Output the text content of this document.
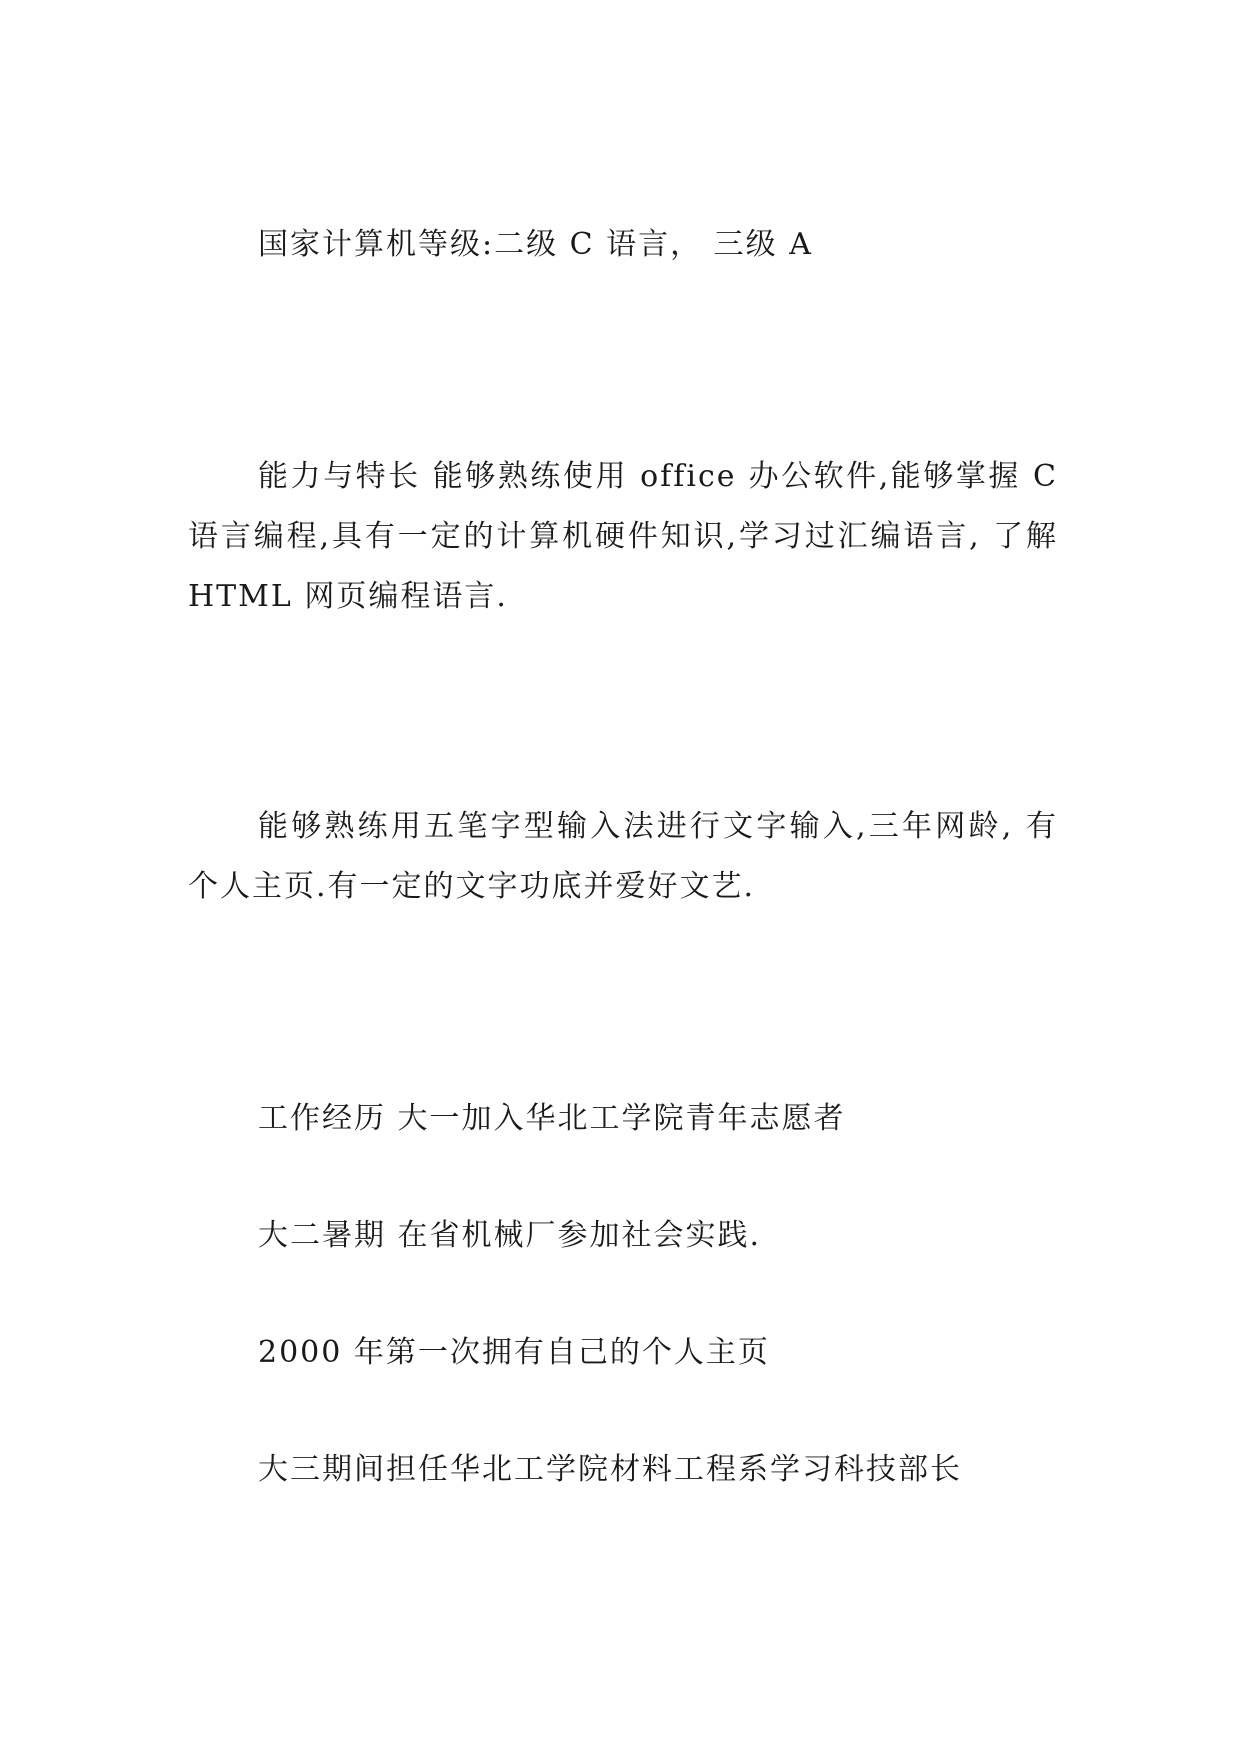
国家计算机等级:二级 C 语言， 三级 A
能力与特长 能够熟练使用 office 办公软件,能够掌握 C 语言编程,具有一定的计算机硬件知识,学习过汇编语言, 了解 HTML 网页编程语言.
能够熟练用五笔字型输入法进行文字输入,三年网龄, 有个人主页.有一定的文字功底并爱好文艺.
工作经历 大一加入华北工学院青年志愿者
大二暑期 在省机械厂参加社会实践.
2000 年第一次拥有自己的个人主页
大三期间担任华北工学院材料工程系学习科技部长
